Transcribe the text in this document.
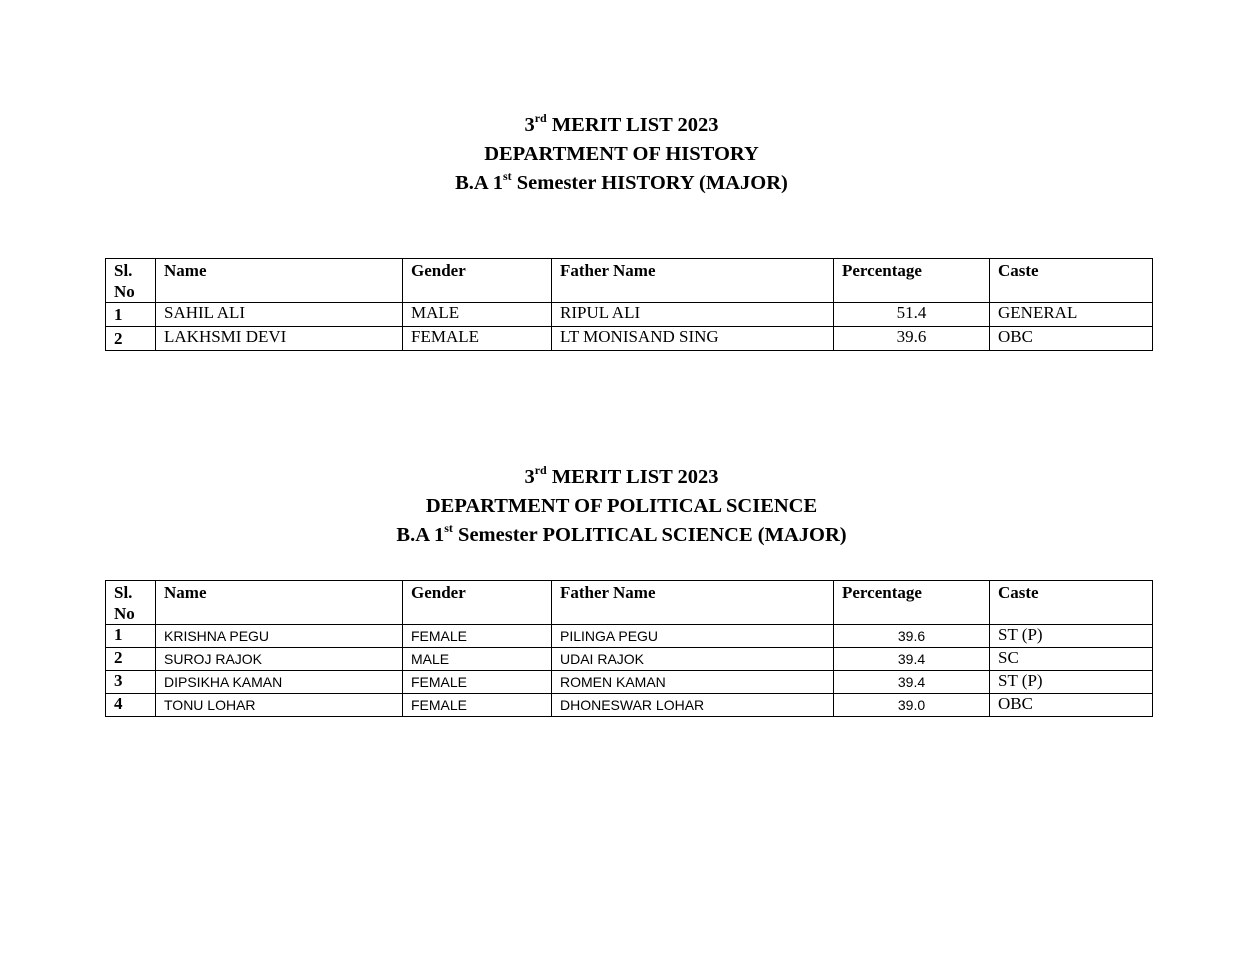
3rd MERIT LIST 2023
DEPARTMENT OF HISTORY
B.A 1st Semester HISTORY (MAJOR)
Sl. No	Name	Gender	Father Name	Percentage	Caste
1	SAHIL ALI	MALE	RIPUL ALI	51.4	GENERAL
2	LAKHSMI DEVI	FEMALE	LT MONISAND SING	39.6	OBC
3rd MERIT LIST 2023
DEPARTMENT OF POLITICAL SCIENCE
B.A 1st Semester POLITICAL SCIENCE (MAJOR)
Sl. No	Name	Gender	Father Name	Percentage	Caste
1	KRISHNA PEGU	FEMALE	PILINGA PEGU	39.6	ST (P)
2	SUROJ RAJOK	MALE	UDAI RAJOK	39.4	SC
3	DIPSIKHA KAMAN	FEMALE	ROMEN KAMAN	39.4	ST (P)
4	TONU LOHAR	FEMALE	DHONESWAR LOHAR	39.0	OBC
